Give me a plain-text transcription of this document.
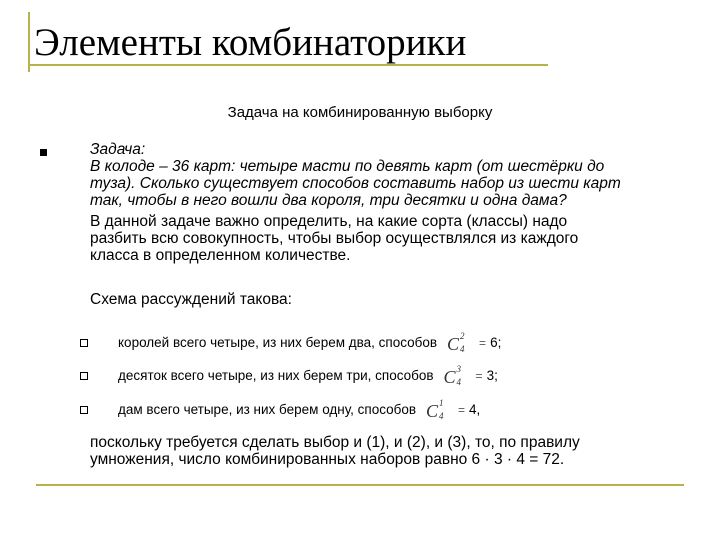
Элементы комбинаторики
Задача на комбинированную выборку
Задача:
В колоде – 36 карт: четыре масти по девять карт (от шестёрки до
туза). Сколько существует способов составить набор из шести карт
так, чтобы в него вошли два короля, три десятки и одна дама?
В данной задаче важно определить, на какие сорта (классы) надо
разбить всю совокупность, чтобы выбор осуществлялся из каждого
класса в определенном количестве.
Схема рассуждений такова:
королей всего четыре, из них берем два, способов C 2
4 = 6;
десяток всего четыре, из них берем три, способов C 3
4 = 3;
дам всего четыре, из них берем одну, способов C 1
4 = 4,
поскольку требуется сделать выбор и (1), и (2), и (3), то, по правилу
умножения, число комбинированных наборов равно 6 · 3 · 4 = 72.
